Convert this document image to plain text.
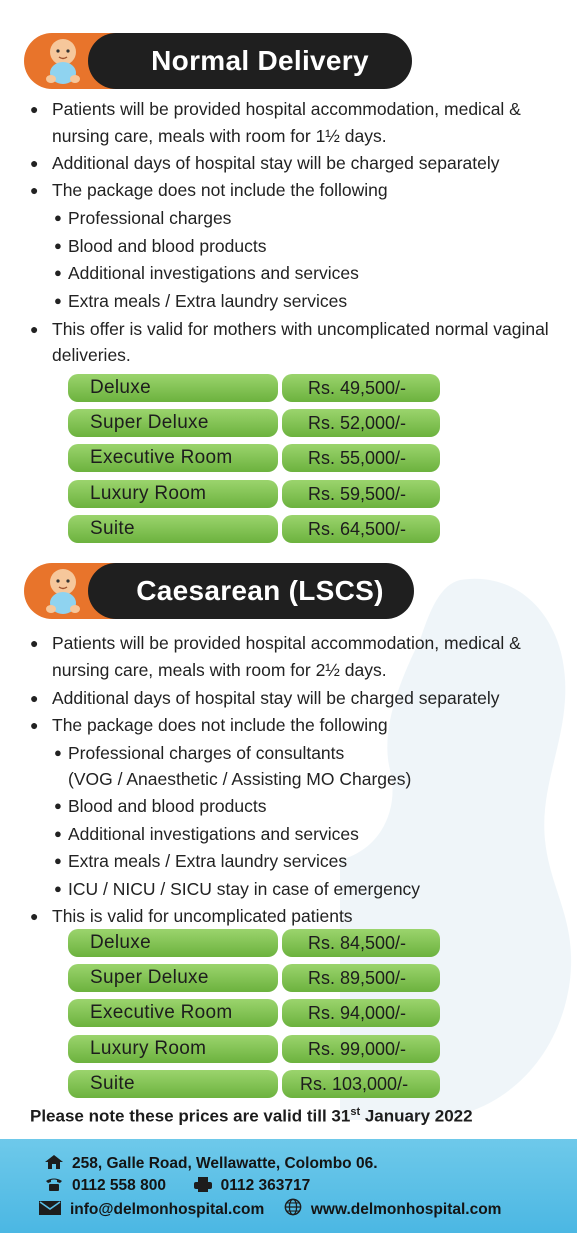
Normal Delivery
● Patients will be provided hospital accommodation, medical &
nursing care, meals with room for 1½ days.
● Additional days of hospital stay will be charged separately
● The package does not include the following
● Professional charges
● Blood and blood products
● Additional investigations and services
● Extra meals / Extra laundry services
● This offer is valid for mothers with uncomplicated normal vaginal
deliveries.
Deluxe	Rs. 49,500/-
Super Deluxe	Rs. 52,000/-
Executive Room	Rs. 55,000/-
Luxury Room	Rs. 59,500/-
Suite	Rs. 64,500/-
Caesarean (LSCS)
● Patients will be provided hospital accommodation, medical &
nursing care, meals with room for 2½ days.
● Additional days of hospital stay will be charged separately
● The package does not include the following
● Professional charges of consultants
(VOG / Anaesthetic / Assisting MO Charges)
● Blood and blood products
● Additional investigations and services
● Extra meals / Extra laundry services
● ICU / NICU / SICU stay in case of emergency
● This is valid for uncomplicated patients
Deluxe	Rs. 84,500/-
Super Deluxe	Rs. 89,500/-
Executive Room	Rs. 94,000/-
Luxury Room	Rs. 99,000/-
Suite	Rs. 103,000/-
Please note these prices are valid till 31st January 2022
258, Galle Road, Wellawatte, Colombo 06.
0112 558 800	0112 363717
info@delmonhospital.com	www.delmonhospital.com
